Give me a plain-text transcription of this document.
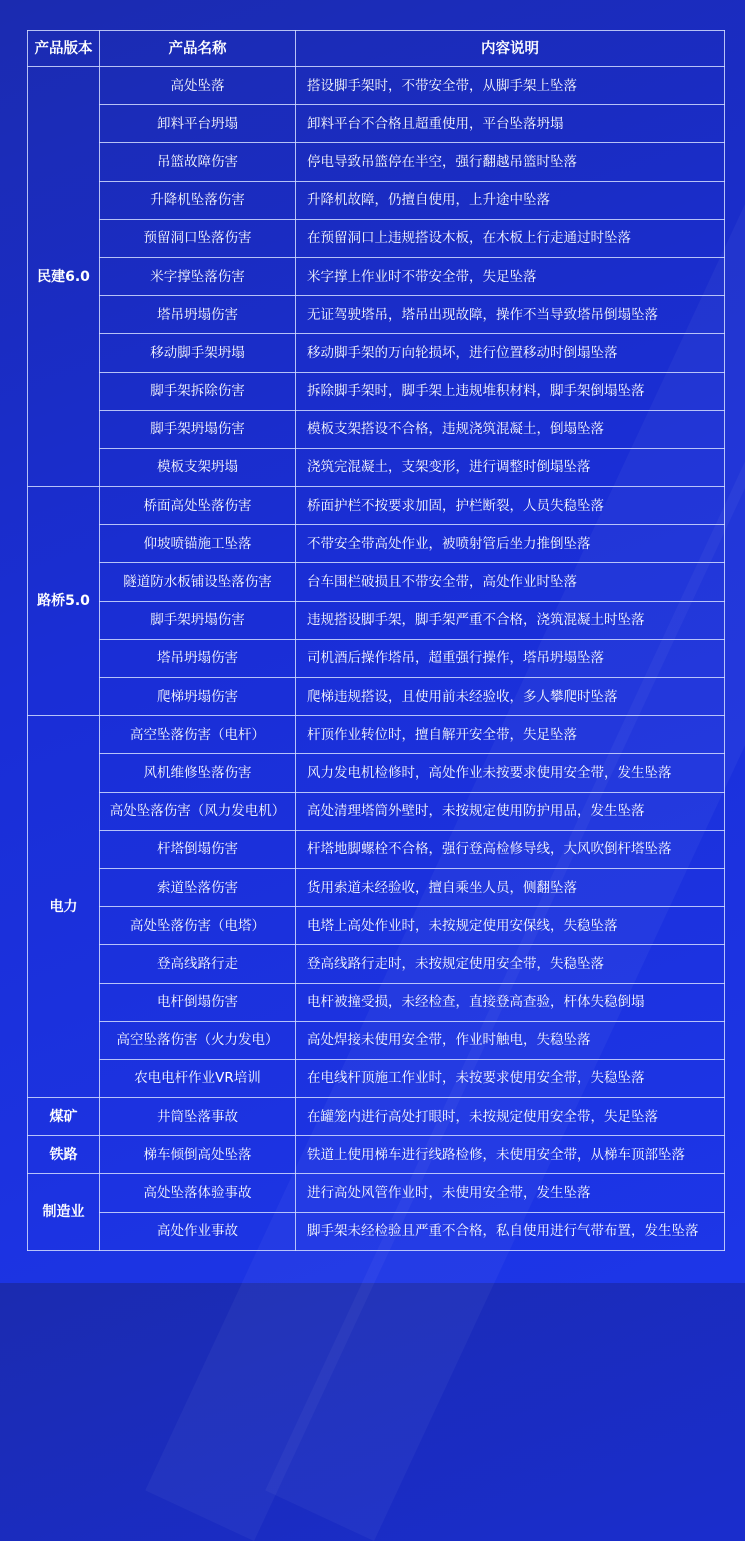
产品版本	产品名称	内容说明
民建6.0	高处坠落	搭设脚手架时，不带安全带，从脚手架上坠落
	卸料平台坍塌	卸料平台不合格且超重使用，平台坠落坍塌
	吊篮故障伤害	停电导致吊篮停在半空，强行翻越吊篮时坠落
	升降机坠落伤害	升降机故障，仍擅自使用，上升途中坠落
	预留洞口坠落伤害	在预留洞口上违规搭设木板，在木板上行走通过时坠落
	米字撑坠落伤害	米字撑上作业时不带安全带，失足坠落
	塔吊坍塌伤害	无证驾驶塔吊，塔吊出现故障，操作不当导致塔吊倒塌坠落
	移动脚手架坍塌	移动脚手架的万向轮损坏，进行位置移动时倒塌坠落
	脚手架拆除伤害	拆除脚手架时，脚手架上违规堆积材料，脚手架倒塌坠落
	脚手架坍塌伤害	模板支架搭设不合格，违规浇筑混凝土，倒塌坠落
	模板支架坍塌	浇筑完混凝土，支架变形，进行调整时倒塌坠落
路桥5.0	桥面高处坠落伤害	桥面护栏不按要求加固，护栏断裂，人员失稳坠落
	仰坡喷锚施工坠落	不带安全带高处作业，被喷射管后坐力推倒坠落
	隧道防水板铺设坠落伤害	台车围栏破损且不带安全带，高处作业时坠落
	脚手架坍塌伤害	违规搭设脚手架，脚手架严重不合格，浇筑混凝土时坠落
	塔吊坍塌伤害	司机酒后操作塔吊，超重强行操作，塔吊坍塌坠落
	爬梯坍塌伤害	爬梯违规搭设，且使用前未经验收，多人攀爬时坠落
电力	高空坠落伤害（电杆）	杆顶作业转位时，擅自解开安全带，失足坠落
	风机维修坠落伤害	风力发电机检修时，高处作业未按要求使用安全带，发生坠落
	高处坠落伤害（风力发电机）	高处清理塔筒外壁时，未按规定使用防护用品，发生坠落
	杆塔倒塌伤害	杆塔地脚螺栓不合格，强行登高检修导线，大风吹倒杆塔坠落
	索道坠落伤害	货用索道未经验收，擅自乘坐人员，侧翻坠落
	高处坠落伤害（电塔）	电塔上高处作业时，未按规定使用安保线，失稳坠落
	登高线路行走	登高线路行走时，未按规定使用安全带，失稳坠落
	电杆倒塌伤害	电杆被撞受损，未经检查，直接登高查验，杆体失稳倒塌
	高空坠落伤害（火力发电）	高处焊接未使用安全带，作业时触电，失稳坠落
	农电电杆作业VR培训	在电线杆顶施工作业时，未按要求使用安全带，失稳坠落
煤矿	井筒坠落事故	在罐笼内进行高处打眼时，未按规定使用安全带，失足坠落
铁路	梯车倾倒高处坠落	铁道上使用梯车进行线路检修，未使用安全带，从梯车顶部坠落
制造业	高处坠落体验事故	进行高处风管作业时，未使用安全带，发生坠落
	高处作业事故	脚手架未经检验且严重不合格，私自使用进行气带布置，发生坠落
